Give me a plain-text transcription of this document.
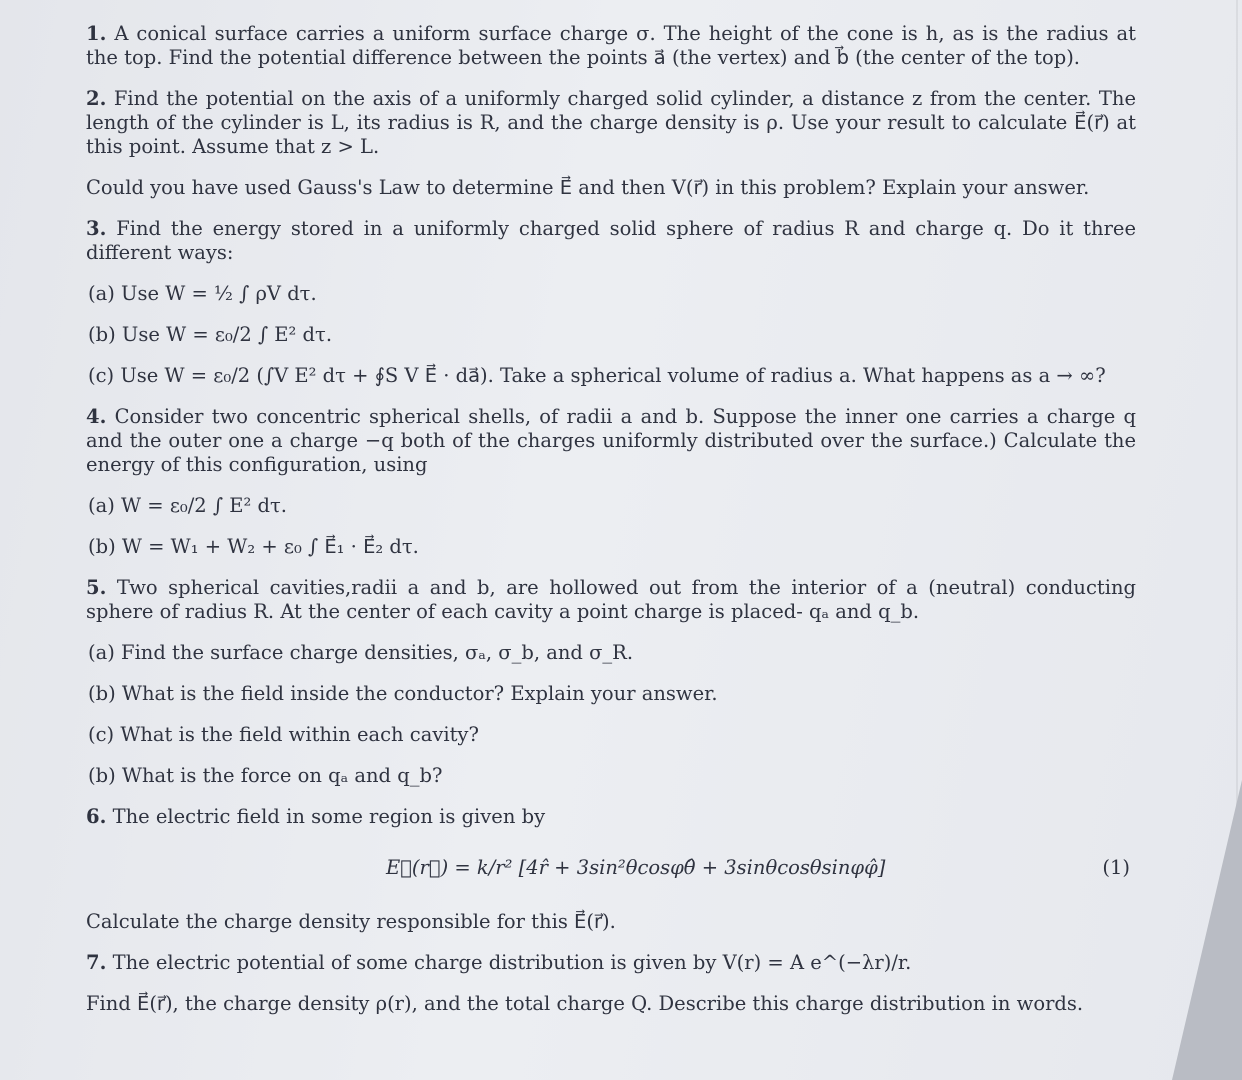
1. A conical surface carries a uniform surface charge σ. The height of the cone is h, as is the radius at the top. Find the potential difference between the points a⃗ (the vertex) and b⃗ (the center of the top).

2. Find the potential on the axis of a uniformly charged solid cylinder, a distance z from the center. The length of the cylinder is L, its radius is R, and the charge density is ρ. Use your result to calculate E⃗(r⃗) at this point. Assume that z > L.

Could you have used Gauss's Law to determine E⃗ and then V(r⃗) in this problem? Explain your answer.

3. Find the energy stored in a uniformly charged solid sphere of radius R and charge q. Do it three different ways:

(a) Use W = ½ ∫ ρV dτ.

(b) Use W = ε₀/2 ∫ E² dτ.

(c) Use W = ε₀/2 (∫V E² dτ + ∮S V E⃗ · da⃗). Take a spherical volume of radius a. What happens as a → ∞?

4. Consider two concentric spherical shells, of radii a and b. Suppose the inner one carries a charge q and the outer one a charge −q both of the charges uniformly distributed over the surface.) Calculate the energy of this configuration, using

(a) W = ε₀/2 ∫ E² dτ.

(b) W = W₁ + W₂ + ε₀ ∫ E⃗₁ · E⃗₂ dτ.

5. Two spherical cavities,radii a and b, are hollowed out from the interior of a (neutral) conducting sphere of radius R. At the center of each cavity a point charge is placed- qₐ and q_b.

(a) Find the surface charge densities, σₐ, σ_b, and σ_R.

(b) What is the field inside the conductor? Explain your answer.

(c) What is the field within each cavity?

(b) What is the force on qₐ and q_b?

6. The electric field in some region is given by

E⃗(r⃗) = k/r² [4r̂ + 3sin²θcosφθ̂ + 3sinθcosθsinφφ̂]	(1)

Calculate the charge density responsible for this E⃗(r⃗).

7. The electric potential of some charge distribution is given by V(r) = A e^(−λr)/r.

Find E⃗(r⃗), the charge density ρ(r), and the total charge Q. Describe this charge distribution in words.
